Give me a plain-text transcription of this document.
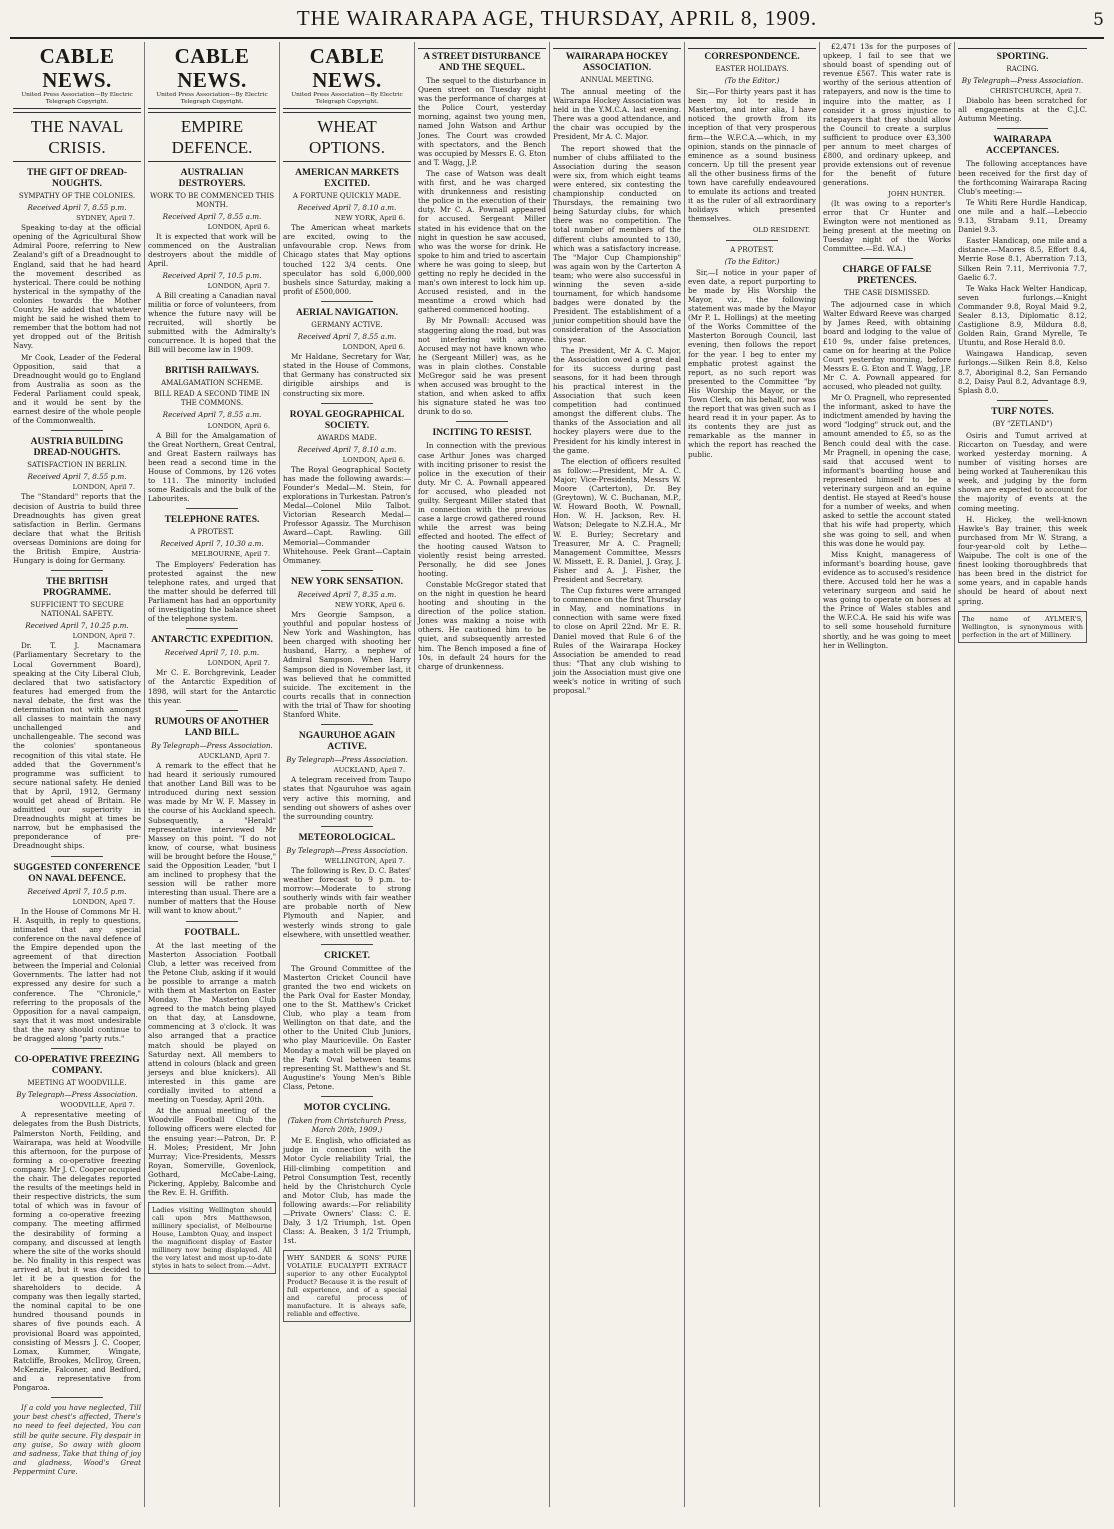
THE WAIRARAPA AGE, THURSDAY, APRIL 8, 1909.	5
CABLE NEWS.
United Press Association—By Electric Telegraph Copyright.
THE NAVAL CRISIS.
THE GIFT OF DREAD-NOUGHTS.
SYMPATHY OF THE COLONIES.
Received April 7, 8.55 p.m.
SYDNEY, April 7.

Speaking to-day at the official opening of the Agricultural Show Admiral Poore, referring to New Zealand's gift of a Dreadnought to England, said that he had heard the movement described as hysterical. There could be nothing hysterical in the sympathy of the colonies towards the Mother Country. He added that whatever might be said he wished them to remember that the bottom had not yet dropped out of the British Navy.

Mr Cook, Leader of the Federal Opposition, said that a Dreadnought would go to England from Australia as soon as the Federal Parliament could speak, and it would be sent by the earnest desire of the whole people of the Commonwealth.

AUSTRIA BUILDING DREAD-NOUGHTS.
SATISFACTION IN BERLIN.
Received April 7, 8.55 p.m.
LONDON, April 7.

The "Standard" reports that the decision of Austria to build three Dreadnoughts has given great satisfaction in Berlin. Germans declare that what the British overseas Dominions are doing for the British Empire, Austria-Hungary is doing for Germany.

THE BRITISH PROGRAMME.
SUFFICIENT TO SECURE NATIONAL SAFETY.
Received April 7, 10.25 p.m.
LONDON, April 7.

Dr. T. J. Macnamara (Parliamentary Secretary to the Local Government Board), speaking at the City Liberal Club, declared that two satisfactory features had emerged from the naval debate, the first was the determination not with amongst all classes to maintain the navy unchallenged and unchallengeable. The second was the colonies' spontaneous recognition of this vital state. He added that the Government's programme was sufficient to secure national safety. He denied that by April, 1912, Germany would get ahead of Britain. He admitted our superiority in Dreadnoughts might at times be narrow, but he emphasised the preponderance of pre-Dreadnought ships.

SUGGESTED CONFERENCE ON NAVAL DEFENCE.
Received April 7, 10.5 p.m.
LONDON, April 7.

In the House of Commons Mr H. H. Asquith, in reply to questions, intimated that any special conference on the naval defence of the Empire depended upon the agreement of that direction between the Imperial and Colonial Governments. The latter had not expressed any desire for such a conference. The "Chronicle," referring to the proposals of the Opposition for a naval campaign, says that it was most undesirable that the navy should continue to be dragged along "party ruts."

CO-OPERATIVE FREEZING COMPANY.
MEETING AT WOODVILLE.
By Telegraph—Press Association.
WOODVILLE, April 7.

A representative meeting of delegates from the Bush Districts, Palmerston North, Feilding, and Wairarapa, was held at Woodville this afternoon, for the purpose of forming a co-operative freezing company. Mr J. C. Cooper occupied the chair. The delegates reported the results of the meetings held in their respective districts, the sum total of which was in favour of forming a co-operative freezing company. The meeting affirmed the desirability of forming a company, and discussed at length where the site of the works should be. No finality in this respect was arrived at, but it was decided to let it be a question for the shareholders to decide. A company was then legally started, the nominal capital to be one hundred thousand pounds in shares of five pounds each. A provisional Board was appointed, consisting of Messrs J. C. Cooper, Lomax, Kummer, Wingate, Ratcliffe, Brookes, McIlroy, Green, McKenzie, Falconer, and Bedford, and a representative from Pongaroa.

If a cold you have neglected, Till your best chest's affected, There's no need to feel dejected, You can still be quite secure. Fly despair in any guise, So away with gloom and sadness, Take that thing of joy and gladness, Wood's Great Peppermint Cure.

CABLE NEWS.
United Press Association—By Electric Telegraph Copyright.
EMPIRE DEFENCE.
AUSTRALIAN DESTROYERS.
WORK TO BE COMMENCED THIS MONTH.
Received April 7, 8.55 a.m.
LONDON, April 6.

It is expected that work will be commenced on the Australian destroyers about the middle of April.

Received April 7, 10.5 p.m.
LONDON, April 7.

A Bill creating a Canadian naval militia or force of volunteers, from whence the future navy will be recruited, will shortly be submitted with the Admiralty's concurrence. It is hoped that the Bill will become law in 1909.

BRITISH RAILWAYS.
AMALGAMATION SCHEME.
BILL READ A SECOND TIME IN THE COMMONS.
Received April 7, 8.55 a.m.
LONDON, April 6.

A Bill for the Amalgamation of the Great Northern, Great Central, and Great Eastern railways has been read a second time in the House of Commons, by 126 votes to 111. The minority included some Radicals and the bulk of the Labourites.

TELEPHONE RATES.
A PROTEST.
Received April 7, 10.30 a.m.
MELBOURNE, April 7.

The Employers' Federation has protested against the new telephone rates, and urged that the matter should be deferred till Parliament has had an opportunity of investigating the balance sheet of the telephone system.

ANTARCTIC EXPEDITION.
Received April 7, 10. p.m.
LONDON, April 7.

Mr C. E. Borchgrevink, Leader of the Antarctic Expedition of 1898, will start for the Antarctic this year.

RUMOURS OF ANOTHER LAND BILL.
By Telegraph—Press Association.
AUCKLAND, April 7.

A remark to the effect that he had heard it seriously rumoured that another Land Bill was to be introduced during next session was made by Mr W. F. Massey in the course of his Auckland speech. Subsequently, a "Herald" representative interviewed Mr Massey on this point. "I do not know, of course, what business will be brought before the House," said the Opposition Leader, "but I am inclined to prophesy that the session will be rather more interesting than usual. There are a number of matters that the House will want to know about."

FOOTBALL.

At the last meeting of the Masterton Association Football Club, a letter was received from the Petone Club, asking if it would be possible to arrange a match with them at Masterton on Easter Monday. The Masterton Club agreed to the match being played on that day, at Lansdowne, commencing at 3 o'clock. It was also arranged that a practice match should be played on Saturday next. All members to attend in colours (black and green jerseys and blue knickers). All interested in this game are cordially invited to attend a meeting on Tuesday, April 20th.

At the annual meeting of the Woodville Football Club the following officers were elected for the ensuing year:—Patron, Dr. P. H. Moles; President, Mr John Murray; Vice-Presidents, Messrs Royan, Somerville, Govenlock, Gothard, McCabe-Laing, Pickering, Appleby, Balcombe and the Rev. E. H. Griffith.

Ladies visiting Wellington should call upon Mrs Matthewson, millinery specialist, of Melbourne House, Lambton Quay, and inspect the magnificent display of Easter millinery now being displayed. All the very latest and most up-to-date styles in hats to select from.—Advt.
CABLE NEWS.
United Press Association—By Electric Telegraph Copyright.
WHEAT OPTIONS.
AMERICAN MARKETS EXCITED.
A FORTUNE QUICKLY MADE.
Received April 7, 8.10 a.m.
NEW YORK, April 6.

The American wheat markets are excited, owing to the unfavourable crop. News from Chicago states that May options touched 122 3/4 cents. One speculator has sold 6,000,000 bushels since Saturday, making a profit of £500,000.

AERIAL NAVIGATION.
GERMANY ACTIVE.
Received April 7, 8.55 a.m.
LONDON, April 6.

Mr Haldane, Secretary for War, stated in the House of Commons, that Germany has constructed six dirigible airships and is constructing six more.

ROYAL GEOGRAPHICAL SOCIETY.
AWARDS MADE.
Received April 7, 8.10 a.m.
LONDON, April 6.

The Royal Geographical Society has made the following awards:—Founder's Medal—M. Stein, for explorations in Turkestan. Patron's Medal—Colonel Milo Talbot. Victorian Research Medal—Professor Agassiz. The Murchison Award—Capt. Rawling. Gill Memorial—Commander Whitehouse. Peek Grant—Captain Ommaney.

NEW YORK SENSATION.
Received April 7, 8.35 a.m.
NEW YORK, April 6.

Mrs Georgie Sampson, a youthful and popular hostess of New York and Washington, has been charged with shooting her husband, Harry, a nephew of Admiral Sampson. When Harry Sampson died in November last, it was believed that he committed suicide. The excitement in the courts recalls that in connection with the trial of Thaw for shooting Stanford White.

NGAURUHOE AGAIN ACTIVE.
By Telegraph—Press Association.
AUCKLAND, April 7.

A telegram received from Taupo states that Ngauruhoe was again very active this morning, and sending out showers of ashes over the surrounding country.

METEOROLOGICAL.
By Telegraph—Press Association.
WELLINGTON, April 7.

The following is Rev. D. C. Bates' weather forecast to 9 p.m. to-morrow:—Moderate to strong southerly winds with fair weather are probable north of New Plymouth and Napier, and westerly winds strong to gale elsewhere, with unsettled weather.

CRICKET.

The Ground Committee of the Masterton Cricket Council have granted the two end wickets on the Park Oval for Easter Monday, one to the St. Matthew's Cricket Club, who play a team from Wellington on that date, and the other to the United Club Juniors, who play Mauriceville. On Easter Monday a match will be played on the Park Oval between teams representing St. Matthew's and St. Augustine's Young Men's Bible Class, Petone.

MOTOR CYCLING.
(Taken from Christchurch Press, March 20th, 1909.)

Mr E. English, who officiated as judge in connection with the Motor Cycle reliability Trial, the Hill-climbing competition and Petrol Consumption Test, recently held by the Christchurch Cycle and Motor Club, has made the following awards:—For reliability—Private Owners' Class: C. E. Daly, 3 1/2 Triumph, 1st. Open Class: A. Beaken, 3 1/2 Triumph, 1st.

WHY SANDER & SONS' PURE VOLATILE EUCALYPTI EXTRACT superior to any other Eucalyptol Product? Because it is the result of full experience, and of a special and careful process of manufacture. It is always safe, reliable and effective.
A STREET DISTURBANCE AND THE SEQUEL.

The sequel to the disturbance in Queen street on Tuesday night was the performance of charges at the Police Court, yesterday morning, against two young men, named John Watson and Arthur Jones. The Court was crowded with spectators, and the Bench was occupied by Messrs E. G. Eton and T. Wagg, J.P.

The case of Watson was dealt with first, and he was charged with drunkenness and resisting the police in the execution of their duty. Mr C. A. Pownall appeared for accused. Sergeant Miller stated in his evidence that on the night in question he saw accused, who was the worse for drink. He spoke to him and tried to ascertain where he was going to sleep, but getting no reply he decided in the man's own interest to lock him up. Accused resisted, and in the meantime a crowd which had gathered commenced hooting.

By Mr Pownall: Accused was staggering along the road, but was not interfering with anyone. Accused may not have known who he (Sergeant Miller) was, as he was in plain clothes. Constable McGregor said he was present when accused was brought to the station, and when asked to affix his signature stated he was too drunk to do so.

INCITING TO RESIST.

In connection with the previous case Arthur Jones was charged with inciting prisoner to resist the police in the execution of their duty. Mr C. A. Pownall appeared for accused, who pleaded not guilty. Sergeant Miller stated that in connection with the previous case a large crowd gathered round while the arrest was being effected and hooted. The effect of the hooting caused Watson to violently resist being arrested. Personally, he did see Jones hooting.

Constable McGregor stated that on the night in question he heard hooting and shouting in the direction of the police station. Jones was making a noise with others. He cautioned him to be quiet, and subsequently arrested him. The Bench imposed a fine of 10s, in default 24 hours for the charge of drunkenness.

WAIRARAPA HOCKEY ASSOCIATION.
ANNUAL MEETING.

The annual meeting of the Wairarapa Hockey Association was held in the Y.M.C.A. last evening. There was a good attendance, and the chair was occupied by the President, Mr A. C. Major.

The report showed that the number of clubs affiliated to the Association during the season were six, from which eight teams were entered, six contesting the championship conducted on Thursdays, the remaining two being Saturday clubs, for which there was no competition. The total number of members of the different clubs amounted to 130, which was a satisfactory increase. The "Major Cup Championship" was again won by the Carterton A team; who were also successful in winning the seven a-side tournament, for which handsome badges were donated by the President. The establishment of a junior competition should have the consideration of the Association this year.

The President, Mr A. C. Major, the Association owed a great deal for its success during past seasons, for it had been through his practical interest in the Association that such keen competition had continued amongst the different clubs. The thanks of the Association and all hockey players were due to the President for his kindly interest in the game.

The election of officers resulted as follow:—President, Mr A. C. Major; Vice-Presidents, Messrs W. Moore (Carterton), Dr. Bey (Greytown), W. C. Buchanan, M.P., W. Howard Booth, W. Pownall, Hon. W. H. Jackson, Rev. H. Watson; Delegate to N.Z.H.A., Mr W. E. Burley; Secretary and Treasurer, Mr A. C. Pragnell; Management Committee, Messrs W. Missett, E. R. Daniel, J. Gray, J. Fisher and A. J. Fisher, the President and Secretary.

The Cup fixtures were arranged to commence on the first Thursday in May, and nominations in connection with same were fixed to close on April 22nd. Mr E. R. Daniel moved that Rule 6 of the Rules of the Wairarapa Hockey Association be amended to read thus: "That any club wishing to join the Association must give one week's notice in writing of such proposal."

CORRESPONDENCE.
EASTER HOLIDAYS.
(To the Editor.)

Sir,—For thirty years past it has been my lot to reside in Masterton, and inter alia, I have noticed the growth from its inception of that very prosperous firm—the W.F.C.A.—which, in my opinion, stands on the pinnacle of eminence as a sound business concern. Up till the present year all the other business firms of the town have carefully endeavoured to emulate its actions and treated it as the ruler of all extraordinary holidays which presented themselves.

OLD RESIDENT.
A PROTEST.
(To the Editor.)

Sir,—I notice in your paper of even date, a report purporting to be made by His Worship the Mayor, viz., the following statement was made by the Mayor (Mr P. L. Hollings) at the meeting of the Works Committee of the Masterton Borough Council, last evening, then follows the report for the year. I beg to enter my emphatic protest against the report, as no such report was presented to the Committee "by His Worship the Mayor, or the Town Clerk, on his behalf, nor was the report that was given such as I heard read it in your paper. As to its contents they are just as remarkable as the manner in which the report has reached the public.

£2,471 13s for the purposes of upkeep, I fail to see that we should boast of spending out of revenue £567. This water rate is worthy of the serious attention of ratepayers, and now is the time to inquire into the matter, as I consider it a gross injustice to ratepayers that they should allow the Council to create a surplus sufficient to produce over £3,300 per annum to meet charges of £800, and ordinary upkeep, and provide extensions out of revenue for the benefit of future generations.

JOHN HUNTER.

(It was owing to a reporter's error that Cr Hunter and Ewington were not mentioned as being present at the meeting on Tuesday night of the Works Committee.—Ed. W.A.)

CHARGE OF FALSE PRETENCES.
THE CASE DISMISSED.

The adjourned case in which Walter Edward Reeve was charged by James Reed, with obtaining board and lodging to the value of £10 9s, under false pretences, came on for hearing at the Police Court yesterday morning, before Messrs E. G. Eton and T. Wagg, J.P. Mr C. A. Pownall appeared for accused, who pleaded not guilty.

Mr O. Pragnell, who represented the informant, asked to have the indictment amended by having the word "lodging" struck out, and the amount amended to £5, so as the Bench could deal with the case. Mr Pragnell, in opening the case, said that accused went to informant's boarding house and represented himself to be a veterinary surgeon and an equine dentist. He stayed at Reed's house for a number of weeks, and when asked to settle the account stated that his wife had property, which she was going to sell, and when this was done he would pay.

Miss Knight, manageress of informant's boarding house, gave evidence as to accused's residence there. Accused told her he was a veterinary surgeon and said he was going to operate on horses at the Prince of Wales stables and the W.F.C.A. He said his wife was to sell some household furniture shortly, and he was going to meet her in Wellington.

SPORTING.
RACING.
By Telegraph—Press Association.
CHRISTCHURCH, April 7.

Diabolo has been scratched for all engagements at the C.J.C. Autumn Meeting.

WAIRARAPA ACCEPTANCES.

The following acceptances have been received for the first day of the forthcoming Wairarapa Racing Club's meeting:—

Te Whiti Rere Hurdle Handicap, one mile and a half.—Lebeccio 9.13, Strabam 9.11, Dreamy Daniel 9.3.

Easter Handicap, one mile and a distance.—Maores 8.5, Effort 8.4, Merrie Rose 8.1, Aberration 7.13, Silken Rein 7.11, Merrivonia 7.7, Gaelic 6.7.

Te Waka Hack Welter Handicap, seven furlongs.—Knight Commander 9.8, Royal Maid 9.2, Sealer 8.13, Diplomatic 8.12, Castiglione 8.9, Mildura 8.8, Golden Rain, Grand Myrelle, Te Utuntu, and Rose Herald 8.0.

Waingawa Handicap, seven furlongs.—Silken Rein 8.8, Kelso 8.7, Aboriginal 8.2, San Fernando 8.2, Daisy Paul 8.2, Advantage 8.9, Splash 8.0.

TURF NOTES.
(BY "ZETLAND")

Osiris and Tumut arrived at Riccarton on Tuesday, and were worked yesterday morning. A number of visiting horses are being worked at Tauherenikau this week, and judging by the form shown are expected to account for the majority of events at the coming meeting.

H. Hickey, the well-known Hawke's Bay trainer, this week purchased from Mr W. Strang, a four-year-old colt by Lethe—Waipube. The colt is one of the finest looking thoroughbreds that has been bred in the district for some years, and in capable hands should be heard of about next spring.

The name of AYLMER'S, Wellington, is synonymous with perfection in the art of Millinery.
